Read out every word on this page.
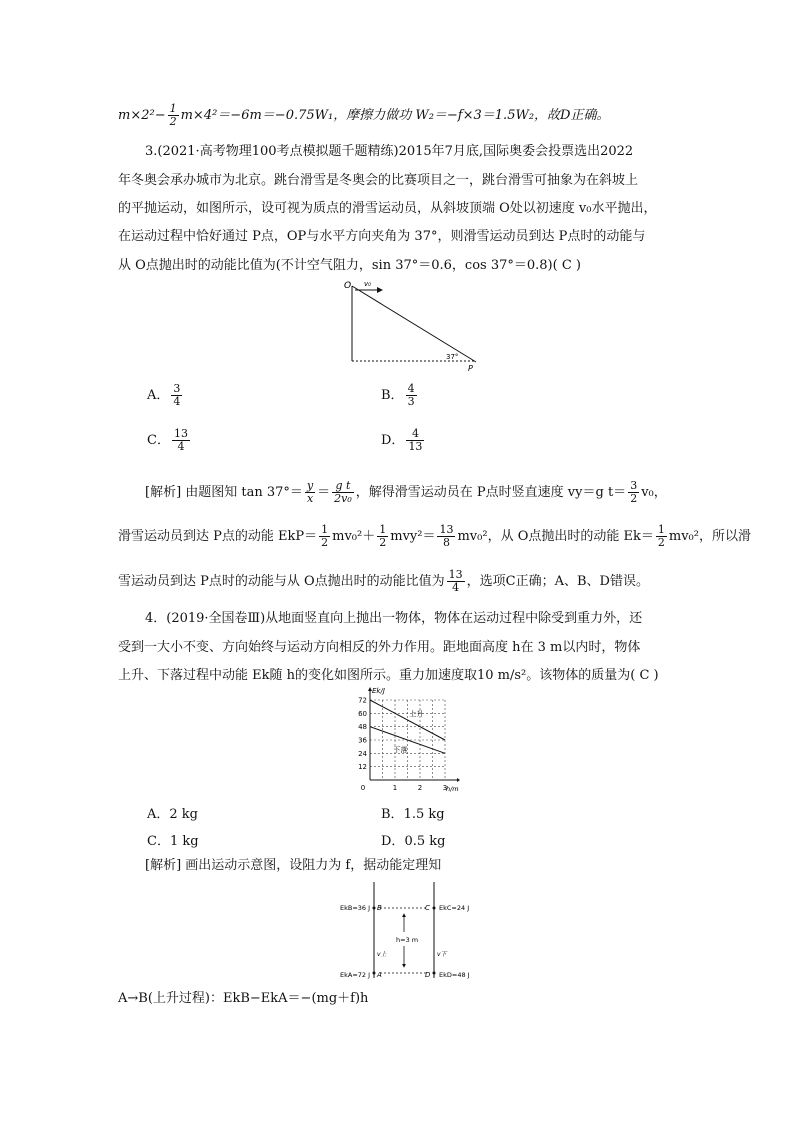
$m\times 2^2- \frac{1}{2} m\times 4^2=-6m=-0.75W_1$，摩擦力做功 W₂＝−f×3＝1.5W₂，故D正确。
3.(2021·高考物理100考点模拟题千题精练)2015年7月底,国际奥委会投票选出2022
年冬奥会承办城市为北京。跳台滑雪是冬奥会的比赛项目之一，跳台滑雪可抽象为在斜坡上
的平抛运动，如图所示，设可视为质点的滑雪运动员，从斜坡顶端 O处以初速度 v₀水平抛出，
在运动过程中恰好通过 P点，OP与水平方向夹角为 37°，则滑雪运动员到达 P点时的动能与
从 O点抛出时的动能比值为(不计空气阻力，sin 37°＝0.6，cos 37°＝0.8)( C )
O v₀
37°
P
A． $\frac{3}{4}$	B． $\frac{4}{3}$
C． $\frac{13}{4}$	D． $\frac{4}{13}$
[解析] 由题图知 $\tan 37^\circ= \frac{y}{x} = \frac{\text{g t}}{\text{2v₀}}$ ，解得滑雪运动员在 P点时竖直速度 vy＝g $t= \frac{3}{2} v_0$，
滑雪运动员到达 P点的动能 $EkP= \frac{1}{2} mv_0^2+ \frac{1}{2} mvy^2= \frac{13}{8} mv_0^2$，从 O点抛出时的动能 $Ek= \frac{1}{2} mv_0^2$，所以滑
雪运动员到达 P点时的动能与从 O点抛出时的动能比值为 $\frac{13}{4}$ ，选项C正确；A、B、D错误。
4．(2019·全国卷Ⅲ)从地面竖直向上抛出一物体，物体在运动过程中除受到重力外，还
受到一大小不变、方向始终与运动方向相反的外力作用。距地面高度 h在 3 m以内时，物体
上升、下落过程中动能 Ek随 h的变化如图所示。重力加速度取10 m/s²。该物体的质量为( C )
72
60
48
36
24
12
1	2	3
0
Ek/J
h/m
上升
下落
A．2 kg	B．1.5 kg
C．1 kg	D．0.5 kg
[解析] 画出运动示意图，设阻力为 f，据动能定理知
EkB=36 J B	C EkC=24 J
h=3 m
v上	v下
EkA=72 J A	D EkD=48 J
A→B(上升过程)：EkB−EkA＝−(mg＋f)h
